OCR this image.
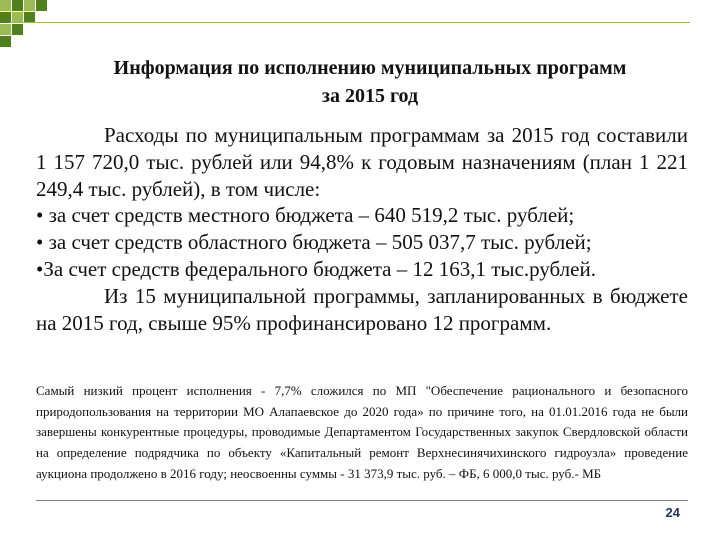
Информация по исполнению муниципальных программ
за 2015 год

Расходы по муниципальным программам за 2015 год составили 1 157 720,0 тыс. рублей или 94,8% к годовым назначениям (план 1 221 249,4 тыс. рублей), в том числе:

• за счет средств местного бюджета – 640 519,2 тыс. рублей;

• за счет средств областного бюджета – 505 037,7 тыс. рублей;

•За счет средств федерального бюджета – 12 163,1 тыс.рублей.

Из 15 муниципальной программы, запланированных в бюджете на 2015 год, свыше 95% профинансировано 12 программ.

Самый низкий процент исполнения - 7,7% сложился по МП "Обеспечение рационального и безопасного природопользования на территории МО Алапаевское до 2020 года» по причине того, на 01.01.2016 года не были завершены конкурентные процедуры, проводимые Департаментом Государственных закупок Свердловской области на определение подрядчика по объекту «Капитальный ремонт Верхнесинячихинского гидроузла» проведение аукциона продолжено в 2016 году; неосвоенны суммы - 31 373,9 тыс. руб. – ФБ, 6 000,0 тыс. руб.- МБ
24
